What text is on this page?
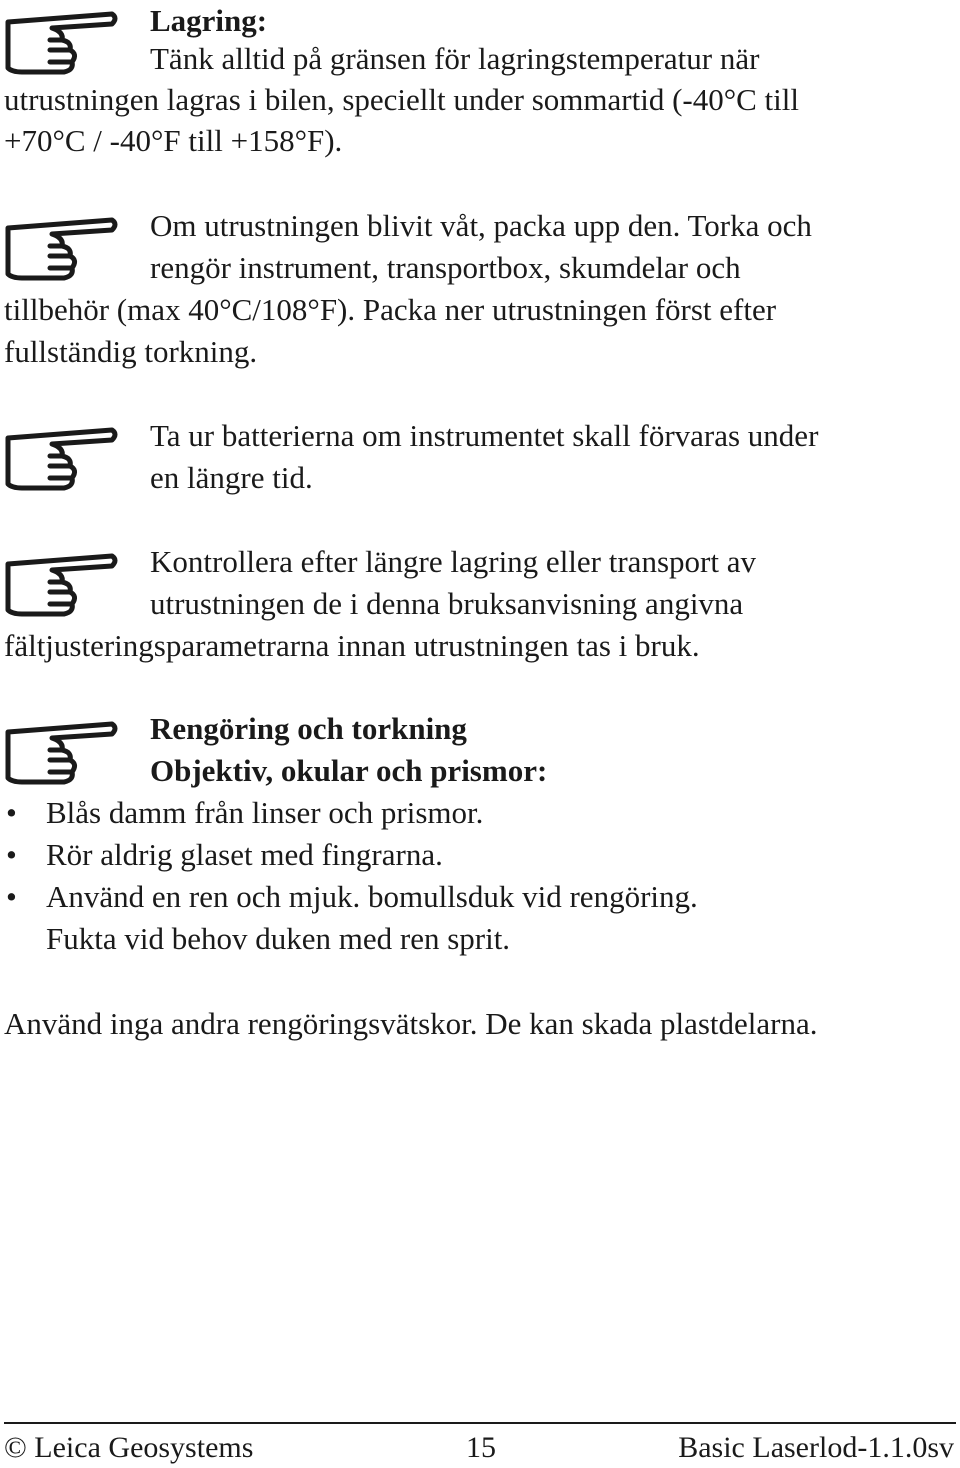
Lagring:
Tänk alltid på gränsen för lagringstemperatur när
utrustningen lagras i bilen, speciellt under sommartid (-40°C till
+70°C / -40°F till +158°F).
Om utrustningen blivit våt, packa upp den. Torka och
rengör instrument, transportbox, skumdelar och
tillbehör (max 40°C/108°F). Packa ner utrustningen först efter
fullständig torkning.
Ta ur batterierna om instrumentet skall förvaras under
en längre tid.
Kontrollera efter längre lagring eller transport av
utrustningen de i denna bruksanvisning angivna
fältjusteringsparametrarna innan utrustningen tas i bruk.
Rengöring och torkning
Objektiv, okular och prismor:
• Blås damm från linser och prismor.
• Rör aldrig glaset med fingrarna.
• Använd en ren och mjuk. bomullsduk vid rengöring.
Fukta vid behov duken med ren sprit.
Använd inga andra rengöringsvätskor. De kan skada plastdelarna.
© Leica Geosystems	15	Basic Laserlod-1.1.0sv
